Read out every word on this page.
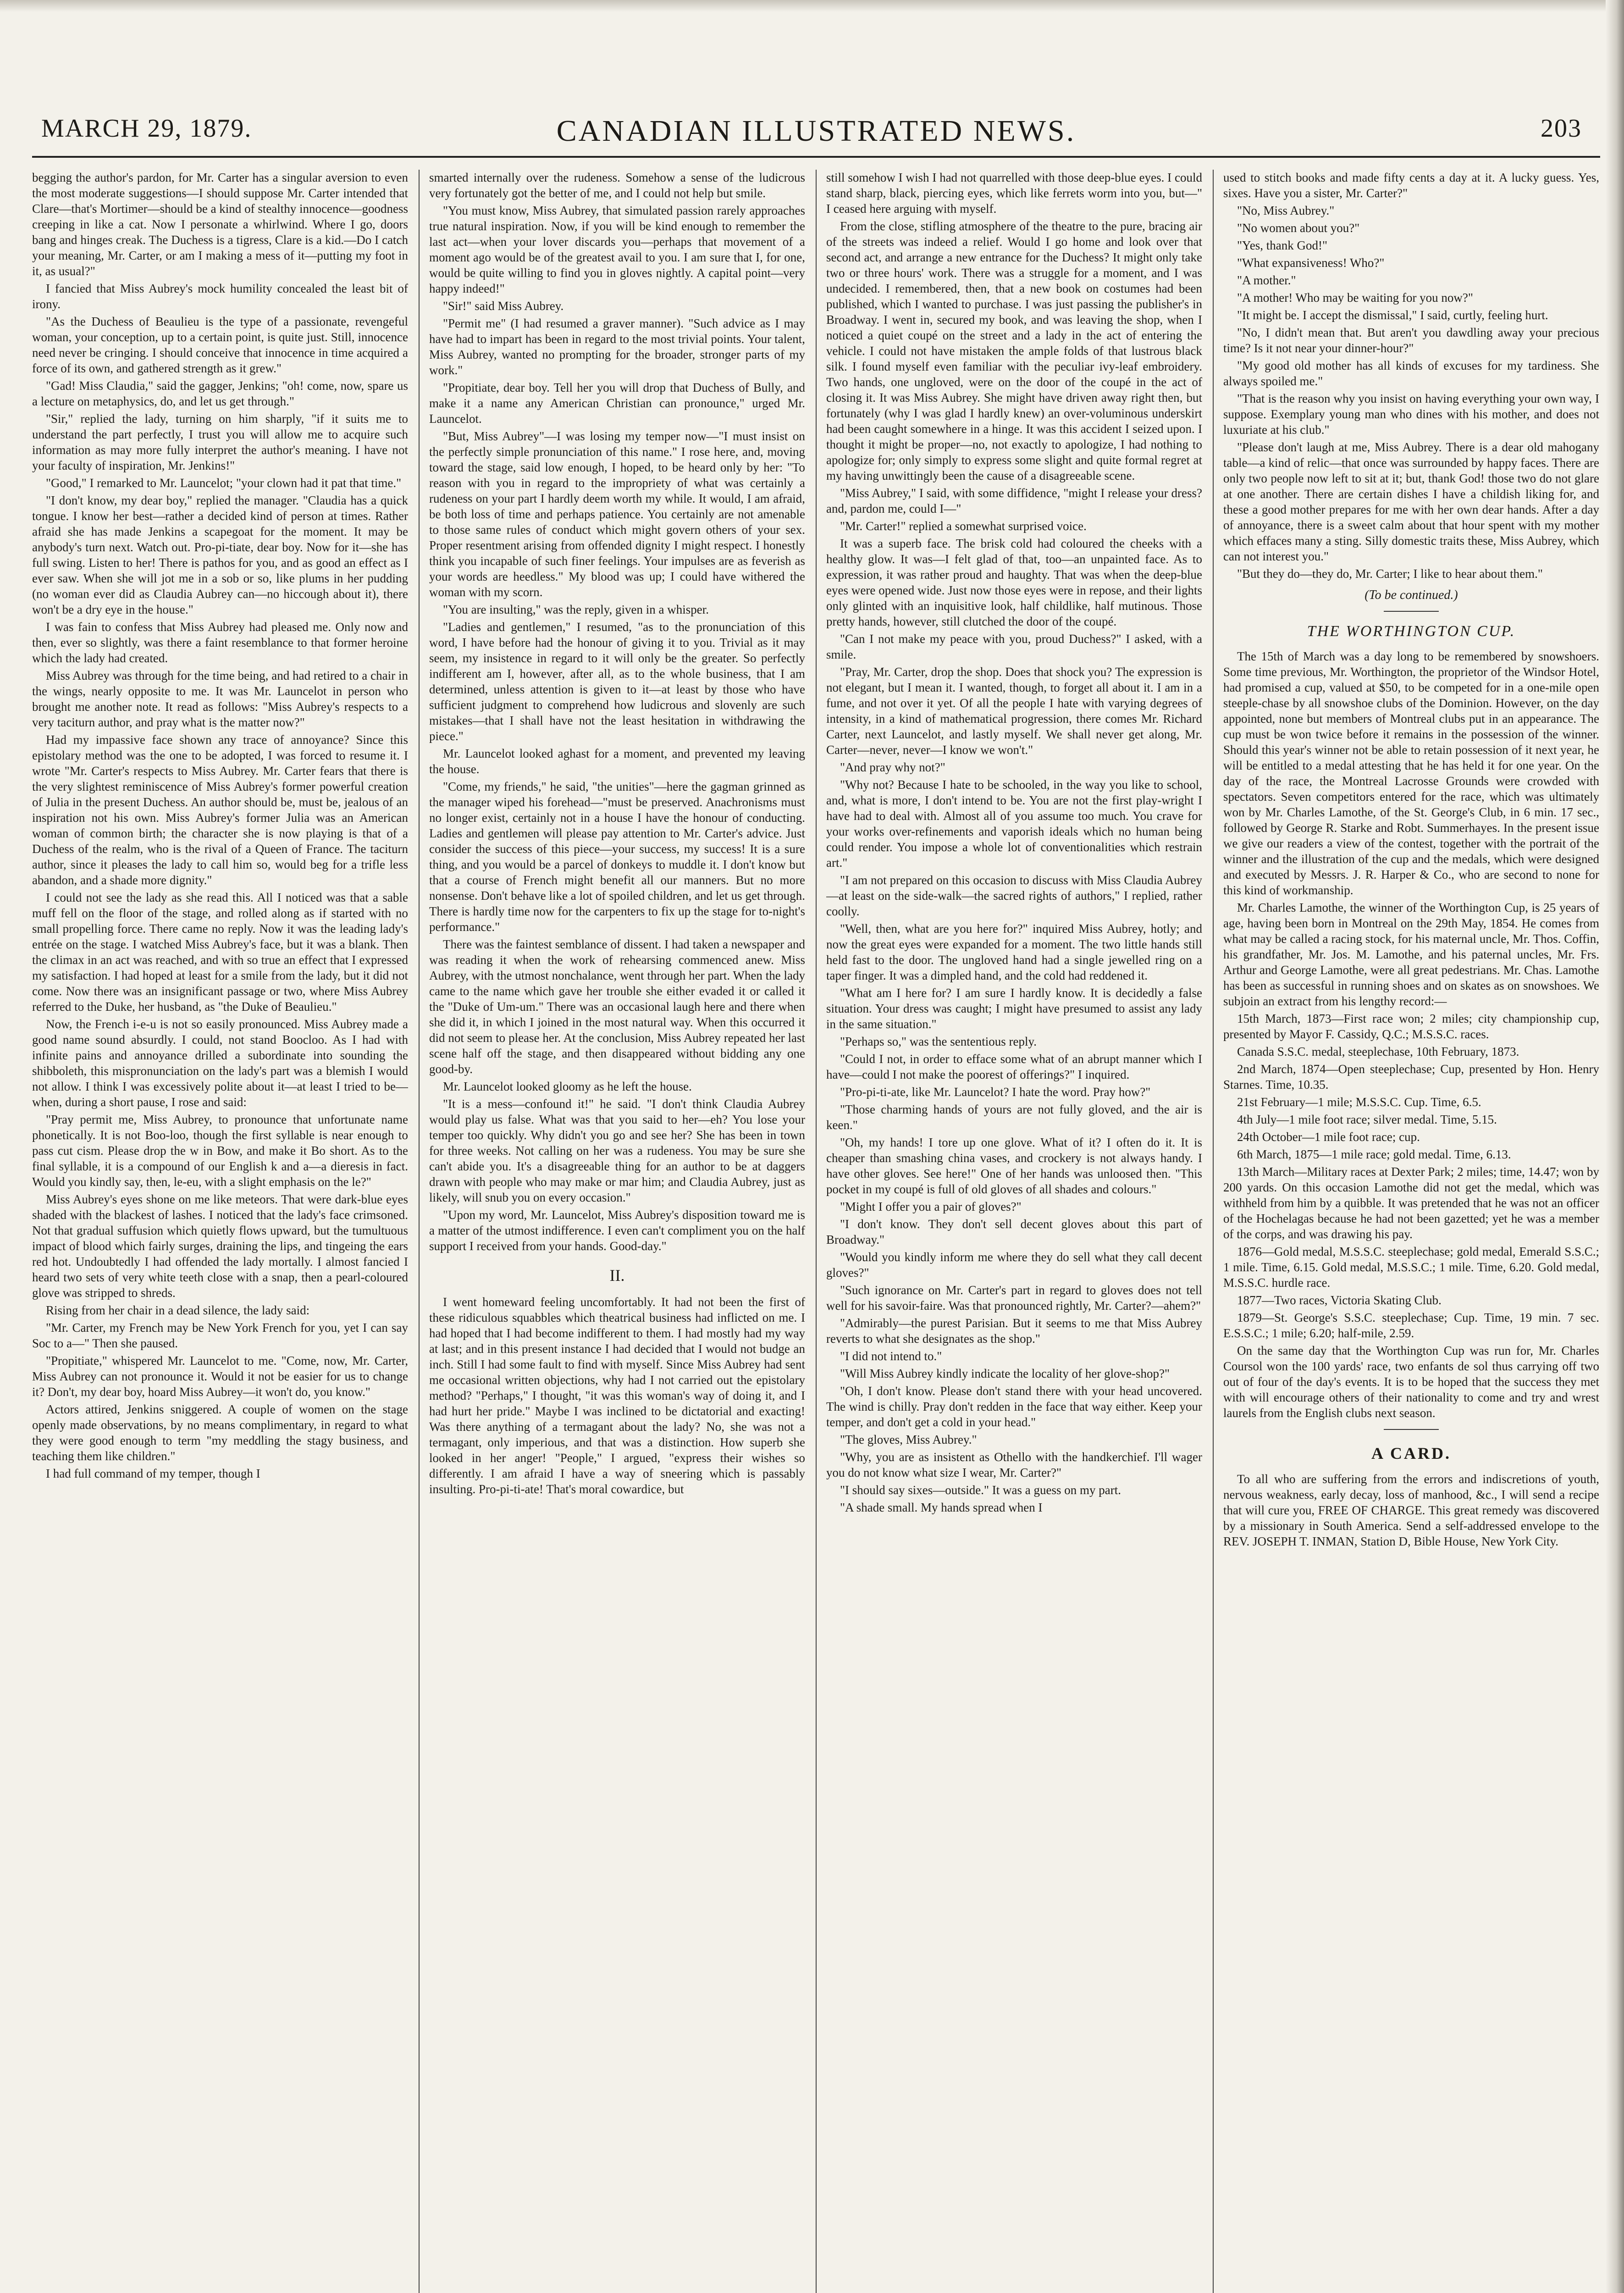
MARCH 29, 1879.	CANADIAN ILLUSTRATED NEWS.	203

begging the author's pardon, for Mr. Carter has a singular aversion to even the most moderate suggestions—I should suppose Mr. Carter intended that Clare—that's Mortimer—should be a kind of stealthy innocence—goodness creeping in like a cat. Now I personate a whirlwind. Where I go, doors bang and hinges creak. The Duchess is a tigress, Clare is a kid.—Do I catch your meaning, Mr. Carter, or am I making a mess of it—putting my foot in it, as usual?"

I fancied that Miss Aubrey's mock humility concealed the least bit of irony.

"As the Duchess of Beaulieu is the type of a passionate, revengeful woman, your conception, up to a certain point, is quite just. Still, innocence need never be cringing. I should conceive that innocence in time acquired a force of its own, and gathered strength as it grew."

"Gad! Miss Claudia," said the gagger, Jenkins; "oh! come, now, spare us a lecture on metaphysics, do, and let us get through."

"Sir," replied the lady, turning on him sharply, "if it suits me to understand the part perfectly, I trust you will allow me to acquire such information as may more fully interpret the author's meaning. I have not your faculty of inspiration, Mr. Jenkins!"

"Good," I remarked to Mr. Launcelot; "your clown had it pat that time."

"I don't know, my dear boy," replied the manager. "Claudia has a quick tongue. I know her best—rather a decided kind of person at times. Rather afraid she has made Jenkins a scapegoat for the moment. It may be anybody's turn next. Watch out. Pro-pi-tiate, dear boy. Now for it—she has full swing. Listen to her! There is pathos for you, and as good an effect as I ever saw. When she will jot me in a sob or so, like plums in her pudding (no woman ever did as Claudia Aubrey can—no hiccough about it), there won't be a dry eye in the house."

I was fain to confess that Miss Aubrey had pleased me. Only now and then, ever so slightly, was there a faint resemblance to that former heroine which the lady had created.

Miss Aubrey was through for the time being, and had retired to a chair in the wings, nearly opposite to me. It was Mr. Launcelot in person who brought me another note. It read as follows: "Miss Aubrey's respects to a very taciturn author, and pray what is the matter now?"

Had my impassive face shown any trace of annoyance? Since this epistolary method was the one to be adopted, I was forced to resume it. I wrote "Mr. Carter's respects to Miss Aubrey. Mr. Carter fears that there is the very slightest reminiscence of Miss Aubrey's former powerful creation of Julia in the present Duchess. An author should be, must be, jealous of an inspiration not his own. Miss Aubrey's former Julia was an American woman of common birth; the character she is now playing is that of a Duchess of the realm, who is the rival of a Queen of France. The taciturn author, since it pleases the lady to call him so, would beg for a trifle less abandon, and a shade more dignity."

I could not see the lady as she read this. All I noticed was that a sable muff fell on the floor of the stage, and rolled along as if started with no small propelling force. There came no reply. Now it was the leading lady's entrée on the stage. I watched Miss Aubrey's face, but it was a blank. Then the climax in an act was reached, and with so true an effect that I expressed my satisfaction. I had hoped at least for a smile from the lady, but it did not come. Now there was an insignificant passage or two, where Miss Aubrey referred to the Duke, her husband, as "the Duke of Beaulieu."

Now, the French i-e-u is not so easily pronounced. Miss Aubrey made a good name sound absurdly. I could, not stand Boocloo. As I had with infinite pains and annoyance drilled a subordinate into sounding the shibboleth, this mispronunciation on the lady's part was a blemish I would not allow. I think I was excessively polite about it—at least I tried to be—when, during a short pause, I rose and said:

"Pray permit me, Miss Aubrey, to pronounce that unfortunate name phonetically. It is not Boo-loo, though the first syllable is near enough to pass cut cism. Please drop the w in Bow, and make it Bo short. As to the final syllable, it is a compound of our English k and a—a dieresis in fact. Would you kindly say, then, le-eu, with a slight emphasis on the le?"

Miss Aubrey's eyes shone on me like meteors. That were dark-blue eyes shaded with the blackest of lashes. I noticed that the lady's face crimsoned. Not that gradual suffusion which quietly flows upward, but the tumultuous impact of blood which fairly surges, draining the lips, and tingeing the ears red hot. Undoubtedly I had offended the lady mortally. I almost fancied I heard two sets of very white teeth close with a snap, then a pearl-coloured glove was stripped to shreds.

Rising from her chair in a dead silence, the lady said:

"Mr. Carter, my French may be New York French for you, yet I can say Soc to a—" Then she paused.

"Propitiate," whispered Mr. Launcelot to me. "Come, now, Mr. Carter, Miss Aubrey can not pronounce it. Would it not be easier for us to change it? Don't, my dear boy, hoard Miss Aubrey—it won't do, you know."

Actors attired, Jenkins sniggered. A couple of women on the stage openly made observations, by no means complimentary, in regard to what they were good enough to term "my meddling the stagy business, and teaching them like children."

I had full command of my temper, though I

smarted internally over the rudeness. Somehow a sense of the ludicrous very fortunately got the better of me, and I could not help but smile.

"You must know, Miss Aubrey, that simulated passion rarely approaches true natural inspiration. Now, if you will be kind enough to remember the last act—when your lover discards you—perhaps that movement of a moment ago would be of the greatest avail to you. I am sure that I, for one, would be quite willing to find you in gloves nightly. A capital point—very happy indeed!"

"Sir!" said Miss Aubrey.

"Permit me" (I had resumed a graver manner). "Such advice as I may have had to impart has been in regard to the most trivial points. Your talent, Miss Aubrey, wanted no prompting for the broader, stronger parts of my work."

"Propitiate, dear boy. Tell her you will drop that Duchess of Bully, and make it a name any American Christian can pronounce," urged Mr. Launcelot.

"But, Miss Aubrey"—I was losing my temper now—"I must insist on the perfectly simple pronunciation of this name." I rose here, and, moving toward the stage, said low enough, I hoped, to be heard only by her: "To reason with you in regard to the impropriety of what was certainly a rudeness on your part I hardly deem worth my while. It would, I am afraid, be both loss of time and perhaps patience. You certainly are not amenable to those same rules of conduct which might govern others of your sex. Proper resentment arising from offended dignity I might respect. I honestly think you incapable of such finer feelings. Your impulses are as feverish as your words are heedless." My blood was up; I could have withered the woman with my scorn.

"You are insulting," was the reply, given in a whisper.

"Ladies and gentlemen," I resumed, "as to the pronunciation of this word, I have before had the honour of giving it to you. Trivial as it may seem, my insistence in regard to it will only be the greater. So perfectly indifferent am I, however, after all, as to the whole business, that I am determined, unless attention is given to it—at least by those who have sufficient judgment to comprehend how ludicrous and slovenly are such mistakes—that I shall have not the least hesitation in withdrawing the piece."

Mr. Launcelot looked aghast for a moment, and prevented my leaving the house.

"Come, my friends," he said, "the unities"—here the gagman grinned as the manager wiped his forehead—"must be preserved. Anachronisms must no longer exist, certainly not in a house I have the honour of conducting. Ladies and gentlemen will please pay attention to Mr. Carter's advice. Just consider the success of this piece—your success, my success! It is a sure thing, and you would be a parcel of donkeys to muddle it. I don't know but that a course of French might benefit all our manners. But no more nonsense. Don't behave like a lot of spoiled children, and let us get through. There is hardly time now for the carpenters to fix up the stage for to-night's performance."

There was the faintest semblance of dissent. I had taken a newspaper and was reading it when the work of rehearsing commenced anew. Miss Aubrey, with the utmost nonchalance, went through her part. When the lady came to the name which gave her trouble she either evaded it or called it the "Duke of Um-um." There was an occasional laugh here and there when she did it, in which I joined in the most natural way. When this occurred it did not seem to please her. At the conclusion, Miss Aubrey repeated her last scene half off the stage, and then disappeared without bidding any one good-by.

Mr. Launcelot looked gloomy as he left the house.

"It is a mess—confound it!" he said. "I don't think Claudia Aubrey would play us false. What was that you said to her—eh? You lose your temper too quickly. Why didn't you go and see her? She has been in town for three weeks. Not calling on her was a rudeness. You may be sure she can't abide you. It's a disagreeable thing for an author to be at daggers drawn with people who may make or mar him; and Claudia Aubrey, just as likely, will snub you on every occasion."

"Upon my word, Mr. Launcelot, Miss Aubrey's disposition toward me is a matter of the utmost indifference. I even can't compliment you on the half support I received from your hands. Good-day."

II.

I went homeward feeling uncomfortably. It had not been the first of these ridiculous squabbles which theatrical business had inflicted on me. I had hoped that I had become indifferent to them. I had mostly had my way at last; and in this present instance I had decided that I would not budge an inch. Still I had some fault to find with myself. Since Miss Aubrey had sent me occasional written objections, why had I not carried out the epistolary method? "Perhaps," I thought, "it was this woman's way of doing it, and I had hurt her pride." Maybe I was inclined to be dictatorial and exacting! Was there anything of a termagant about the lady? No, she was not a termagant, only imperious, and that was a distinction. How superb she looked in her anger! "People," I argued, "express their wishes so differently. I am afraid I have a way of sneering which is passably insulting. Pro-pi-ti-ate! That's moral cowardice, but

still somehow I wish I had not quarrelled with those deep-blue eyes. I could stand sharp, black, piercing eyes, which like ferrets worm into you, but—" I ceased here arguing with myself.

From the close, stifling atmosphere of the theatre to the pure, bracing air of the streets was indeed a relief. Would I go home and look over that second act, and arrange a new entrance for the Duchess? It might only take two or three hours' work. There was a struggle for a moment, and I was undecided. I remembered, then, that a new book on costumes had been published, which I wanted to purchase. I was just passing the publisher's in Broadway. I went in, secured my book, and was leaving the shop, when I noticed a quiet coupé on the street and a lady in the act of entering the vehicle. I could not have mistaken the ample folds of that lustrous black silk. I found myself even familiar with the peculiar ivy-leaf embroidery. Two hands, one ungloved, were on the door of the coupé in the act of closing it. It was Miss Aubrey. She might have driven away right then, but fortunately (why I was glad I hardly knew) an over-voluminous underskirt had been caught somewhere in a hinge. It was this accident I seized upon. I thought it might be proper—no, not exactly to apologize, I had nothing to apologize for; only simply to express some slight and quite formal regret at my having unwittingly been the cause of a disagreeable scene.

"Miss Aubrey," I said, with some diffidence, "might I release your dress? and, pardon me, could I—"

"Mr. Carter!" replied a somewhat surprised voice.

It was a superb face. The brisk cold had coloured the cheeks with a healthy glow. It was—I felt glad of that, too—an unpainted face. As to expression, it was rather proud and haughty. That was when the deep-blue eyes were opened wide. Just now those eyes were in repose, and their lights only glinted with an inquisitive look, half childlike, half mutinous. Those pretty hands, however, still clutched the door of the coupé.

"Can I not make my peace with you, proud Duchess?" I asked, with a smile.

"Pray, Mr. Carter, drop the shop. Does that shock you? The expression is not elegant, but I mean it. I wanted, though, to forget all about it. I am in a fume, and not over it yet. Of all the people I hate with varying degrees of intensity, in a kind of mathematical progression, there comes Mr. Richard Carter, next Launcelot, and lastly myself. We shall never get along, Mr. Carter—never, never—I know we won't."

"And pray why not?"

"Why not? Because I hate to be schooled, in the way you like to school, and, what is more, I don't intend to be. You are not the first play-wright I have had to deal with. Almost all of you assume too much. You crave for your works over-refinements and vaporish ideals which no human being could render. You impose a whole lot of conventionalities which restrain art."

"I am not prepared on this occasion to discuss with Miss Claudia Aubrey—at least on the side-walk—the sacred rights of authors," I replied, rather coolly.

"Well, then, what are you here for?" inquired Miss Aubrey, hotly; and now the great eyes were expanded for a moment. The two little hands still held fast to the door. The ungloved hand had a single jewelled ring on a taper finger. It was a dimpled hand, and the cold had reddened it.

"What am I here for? I am sure I hardly know. It is decidedly a false situation. Your dress was caught; I might have presumed to assist any lady in the same situation."

"Perhaps so," was the sententious reply.

"Could I not, in order to efface some what of an abrupt manner which I have—could I not make the poorest of offerings?" I inquired.

"Pro-pi-ti-ate, like Mr. Launcelot? I hate the word. Pray how?"

"Those charming hands of yours are not fully gloved, and the air is keen."

"Oh, my hands! I tore up one glove. What of it? I often do it. It is cheaper than smashing china vases, and crockery is not always handy. I have other gloves. See here!" One of her hands was unloosed then. "This pocket in my coupé is full of old gloves of all shades and colours."

"Might I offer you a pair of gloves?"

"I don't know. They don't sell decent gloves about this part of Broadway."

"Would you kindly inform me where they do sell what they call decent gloves?"

"Such ignorance on Mr. Carter's part in regard to gloves does not tell well for his savoir-faire. Was that pronounced rightly, Mr. Carter?—ahem?"

"Admirably—the purest Parisian. But it seems to me that Miss Aubrey reverts to what she designates as the shop."

"I did not intend to."

"Will Miss Aubrey kindly indicate the locality of her glove-shop?"

"Oh, I don't know. Please don't stand there with your head uncovered. The wind is chilly. Pray don't redden in the face that way either. Keep your temper, and don't get a cold in your head."

"The gloves, Miss Aubrey."

"Why, you are as insistent as Othello with the handkerchief. I'll wager you do not know what size I wear, Mr. Carter?"

"I should say sixes—outside." It was a guess on my part.

"A shade small. My hands spread when I

used to stitch books and made fifty cents a day at it. A lucky guess. Yes, sixes. Have you a sister, Mr. Carter?"

"No, Miss Aubrey."

"No women about you?"

"Yes, thank God!"

"What expansiveness! Who?"

"A mother."

"A mother! Who may be waiting for you now?"

"It might be. I accept the dismissal," I said, curtly, feeling hurt.

"No, I didn't mean that. But aren't you dawdling away your precious time? Is it not near your dinner-hour?"

"My good old mother has all kinds of excuses for my tardiness. She always spoiled me."

"That is the reason why you insist on having everything your own way, I suppose. Exemplary young man who dines with his mother, and does not luxuriate at his club."

"Please don't laugh at me, Miss Aubrey. There is a dear old mahogany table—a kind of relic—that once was surrounded by happy faces. There are only two people now left to sit at it; but, thank God! those two do not glare at one another. There are certain dishes I have a childish liking for, and these a good mother prepares for me with her own dear hands. After a day of annoyance, there is a sweet calm about that hour spent with my mother which effaces many a sting. Silly domestic traits these, Miss Aubrey, which can not interest you."

"But they do—they do, Mr. Carter; I like to hear about them."

(To be continued.)
THE WORTHINGTON CUP.

The 15th of March was a day long to be remembered by snowshoers. Some time previous, Mr. Worthington, the proprietor of the Windsor Hotel, had promised a cup, valued at $50, to be competed for in a one-mile open steeple-chase by all snowshoe clubs of the Dominion. However, on the day appointed, none but members of Montreal clubs put in an appearance. The cup must be won twice before it remains in the possession of the winner. Should this year's winner not be able to retain possession of it next year, he will be entitled to a medal attesting that he has held it for one year. On the day of the race, the Montreal Lacrosse Grounds were crowded with spectators. Seven competitors entered for the race, which was ultimately won by Mr. Charles Lamothe, of the St. George's Club, in 6 min. 17 sec., followed by George R. Starke and Robt. Summerhayes. In the present issue we give our readers a view of the contest, together with the portrait of the winner and the illustration of the cup and the medals, which were designed and executed by Messrs. J. R. Harper & Co., who are second to none for this kind of workmanship.

Mr. Charles Lamothe, the winner of the Worthington Cup, is 25 years of age, having been born in Montreal on the 29th May, 1854. He comes from what may be called a racing stock, for his maternal uncle, Mr. Thos. Coffin, his grandfather, Mr. Jos. M. Lamothe, and his paternal uncles, Mr. Frs. Arthur and George Lamothe, were all great pedestrians. Mr. Chas. Lamothe has been as successful in running shoes and on skates as on snowshoes. We subjoin an extract from his lengthy record:—

15th March, 1873—First race won; 2 miles; city championship cup, presented by Mayor F. Cassidy, Q.C.; M.S.S.C. races.

Canada S.S.C. medal, steeplechase, 10th February, 1873.

2nd March, 1874—Open steeplechase; Cup, presented by Hon. Henry Starnes. Time, 10.35.

21st February—1 mile; M.S.S.C. Cup. Time, 6.5.

4th July—1 mile foot race; silver medal. Time, 5.15.

24th October—1 mile foot race; cup.

6th March, 1875—1 mile race; gold medal. Time, 6.13.

13th March—Military races at Dexter Park; 2 miles; time, 14.47; won by 200 yards. On this occasion Lamothe did not get the medal, which was withheld from him by a quibble. It was pretended that he was not an officer of the Hochelagas because he had not been gazetted; yet he was a member of the corps, and was drawing his pay.

1876—Gold medal, M.S.S.C. steeplechase; gold medal, Emerald S.S.C.; 1 mile. Time, 6.15. Gold medal, M.S.S.C.; 1 mile. Time, 6.20. Gold medal, M.S.S.C. hurdle race.

1877—Two races, Victoria Skating Club.

1879—St. George's S.S.C. steeplechase; Cup. Time, 19 min. 7 sec. E.S.S.C.; 1 mile; 6.20; half-mile, 2.59.

On the same day that the Worthington Cup was run for, Mr. Charles Coursol won the 100 yards' race, two enfants de sol thus carrying off two out of four of the day's events. It is to be hoped that the success they met with will encourage others of their nationality to come and try and wrest laurels from the English clubs next season.

A CARD.

To all who are suffering from the errors and indiscretions of youth, nervous weakness, early decay, loss of manhood, &c., I will send a recipe that will cure you, FREE OF CHARGE. This great remedy was discovered by a missionary in South America. Send a self-addressed envelope to the REV. JOSEPH T. INMAN, Station D, Bible House, New York City.
